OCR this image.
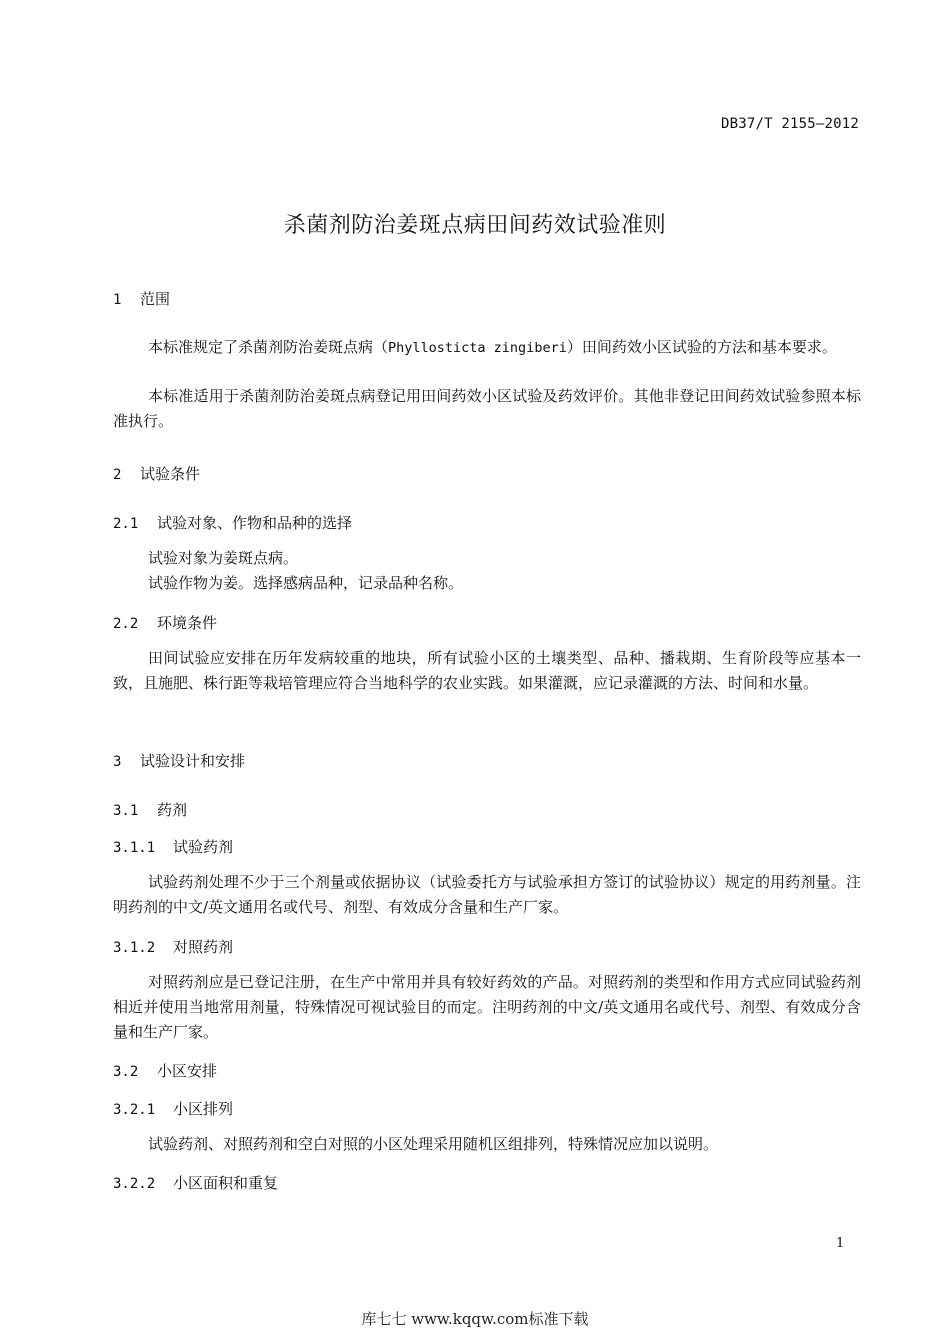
DB37/T 2155—2012
杀菌剂防治姜斑点病田间药效试验准则
1 范围

本标准规定了杀菌剂防治姜斑点病（Phyllosticta zingiberi）田间药效小区试验的方法和基本要求。

本标准适用于杀菌剂防治姜斑点病登记用田间药效小区试验及药效评价。其他非登记田间药效试验参照本标准执行。

2 试验条件
2.1 试验对象、作物和品种的选择

试验对象为姜斑点病。

试验作物为姜。选择感病品种，记录品种名称。

2.2 环境条件

田间试验应安排在历年发病较重的地块，所有试验小区的土壤类型、品种、播栽期、生育阶段等应基本一致，且施肥、株行距等栽培管理应符合当地科学的农业实践。如果灌溉，应记录灌溉的方法、时间和水量。

3 试验设计和安排
3.1 药剂
3.1.1 试验药剂

试验药剂处理不少于三个剂量或依据协议（试验委托方与试验承担方签订的试验协议）规定的用药剂量。注明药剂的中文/英文通用名或代号、剂型、有效成分含量和生产厂家。

3.1.2 对照药剂

对照药剂应是已登记注册，在生产中常用并具有较好药效的产品。对照药剂的类型和作用方式应同试验药剂相近并使用当地常用剂量，特殊情况可视试验目的而定。注明药剂的中文/英文通用名或代号、剂型、有效成分含量和生产厂家。

3.2 小区安排
3.2.1 小区排列

试验药剂、对照药剂和空白对照的小区处理采用随机区组排列，特殊情况应加以说明。

3.2.2 小区面积和重复
1
库七七 www.kqqw.com标准下载
